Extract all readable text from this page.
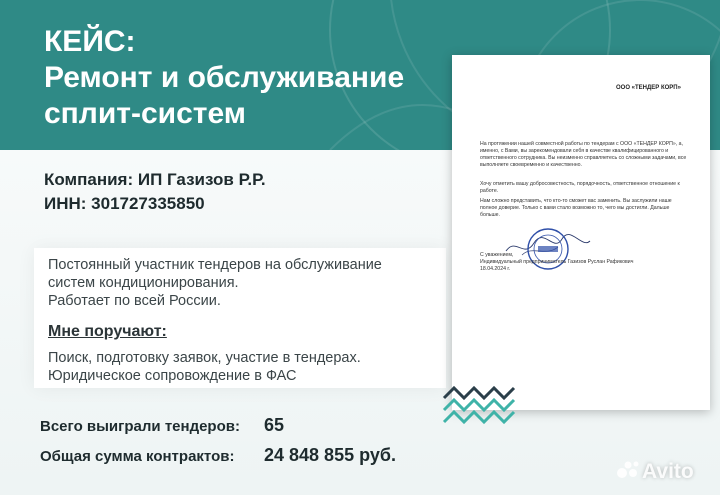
КЕЙС:
Ремонт и обслуживание
сплит-систем
Компания: ИП Газизов Р.Р.
ИНН: 301727335850
Постоянный участник тендеров на обслуживание
систем кондиционирования.
Работает по всей России.
Мне поручают:
Поиск, подготовку заявок, участие в тендерах.
Юридическое сопровождение в ФАС
Всего выиграли тендеров: 65
Общая сумма контрактов: 24 848 855 руб.
ООО «ТЕНДЕР КОРП»

На протяжении нашей совместной работы по тендерам с ООО «ТЕНДЕР КОРП», а, именно, с Вами, вы зарекомендовали себя в качестве квалифицированного и ответственного сотрудника. Вы неизменно справляетесь со сложными задачами, все выполняете своевременно и качественно.

Хочу отметить вашу добросовестность, порядочность, ответственное отношение к работе.

Нам сложно представить, что кто-то сможет вас заменить. Вы заслужили наше полное доверие. Только с вами стало возможно то, чего мы достигли. Дальше больше.

С уважением,

Индивидуальный предприниматель Газизов Руслан Рафикович

18.04.2024 г.

Avito
